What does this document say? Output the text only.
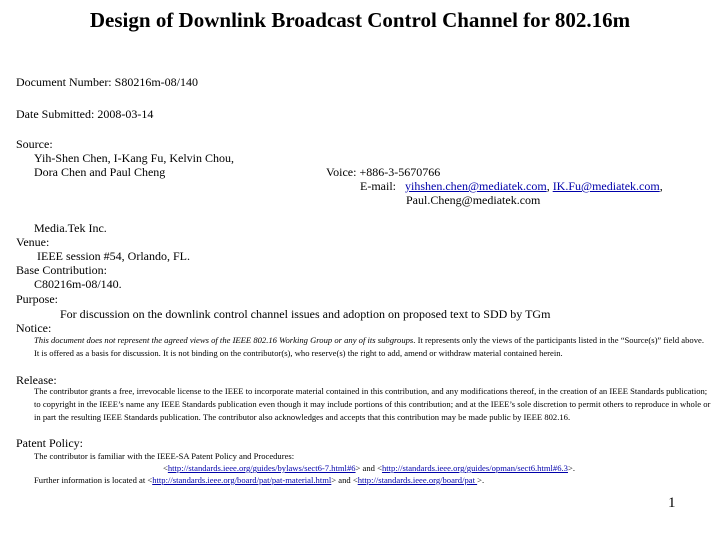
Design of Downlink Broadcast Control Channel for 802.16m
Document Number: S80216m-08/140
Date Submitted: 2008-03-14
Source:
Yih-Shen Chen, I-Kang Fu, Kelvin Chou,
Dora Chen and Paul Cheng	Voice: +886-3-5670766
E-mail: yihshen.chen@mediatek.com, IK.Fu@mediatek.com,
Paul.Cheng@mediatek.com
Media.Tek Inc.
Venue:
IEEE session #54, Orlando, FL.
Base Contribution:
C80216m-08/140.
Purpose:
For discussion on the downlink control channel issues and adoption on proposed text to SDD by TGm
Notice:
This document does not represent the agreed views of the IEEE 802.16 Working Group or any of its subgroups. It represents only the views of the participants listed in the “Source(s)” field above. It is offered as a basis for discussion. It is not binding on the contributor(s), who reserve(s) the right to add, amend or withdraw material contained herein.
Release:
The contributor grants a free, irrevocable license to the IEEE to incorporate material contained in this contribution, and any modifications thereof, in the creation of an IEEE Standards publication; to copyright in the IEEE’s name any IEEE Standards publication even though it may include portions of this contribution; and at the IEEE’s sole discretion to permit others to reproduce in whole or in part the resulting IEEE Standards publication. The contributor also acknowledges and accepts that this contribution may be made public by IEEE 802.16.
Patent Policy:
The contributor is familiar with the IEEE-SA Patent Policy and Procedures:
<http://standards.ieee.org/guides/bylaws/sect6-7.html#6> and <http://standards.ieee.org/guides/opman/sect6.html#6.3>.
Further information is located at <http://standards.ieee.org/board/pat/pat-material.html> and <http://standards.ieee.org/board/pat >.
1
